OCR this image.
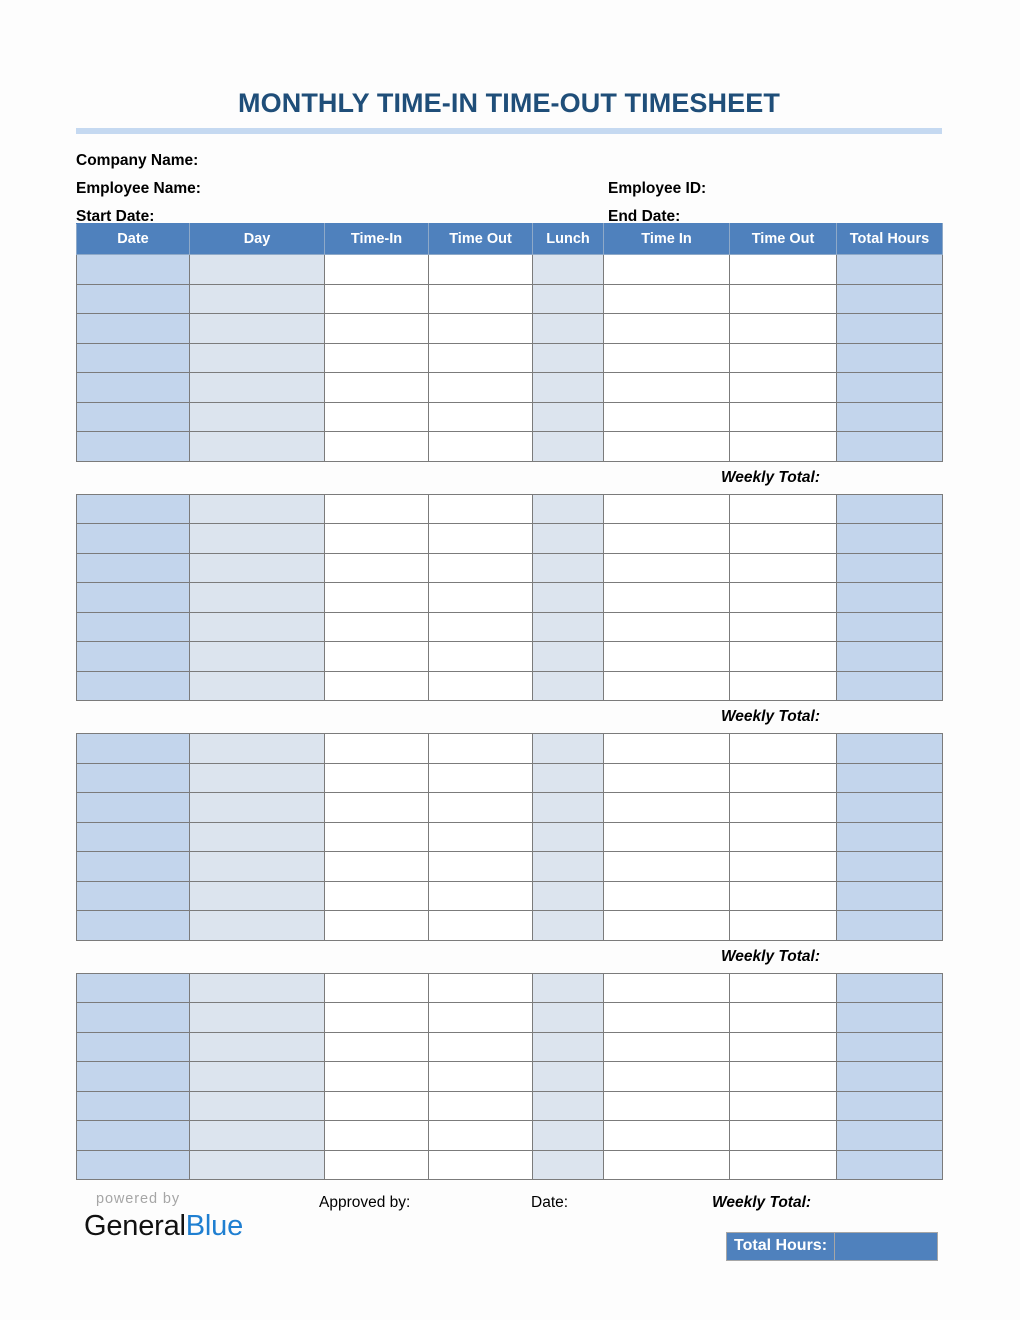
MONTHLY TIME-IN TIME-OUT TIMESHEET
Company Name:
Employee Name:	Employee ID:
Start Date:	End Date:
Date	Day	Time-In	Time Out	Lunch	Time In	Time Out	Total Hours

Weekly Total:

Weekly Total:

Weekly Total:

powered by
GeneralBlue
Approved by:	Date:	Weekly Total:
Total Hours:
